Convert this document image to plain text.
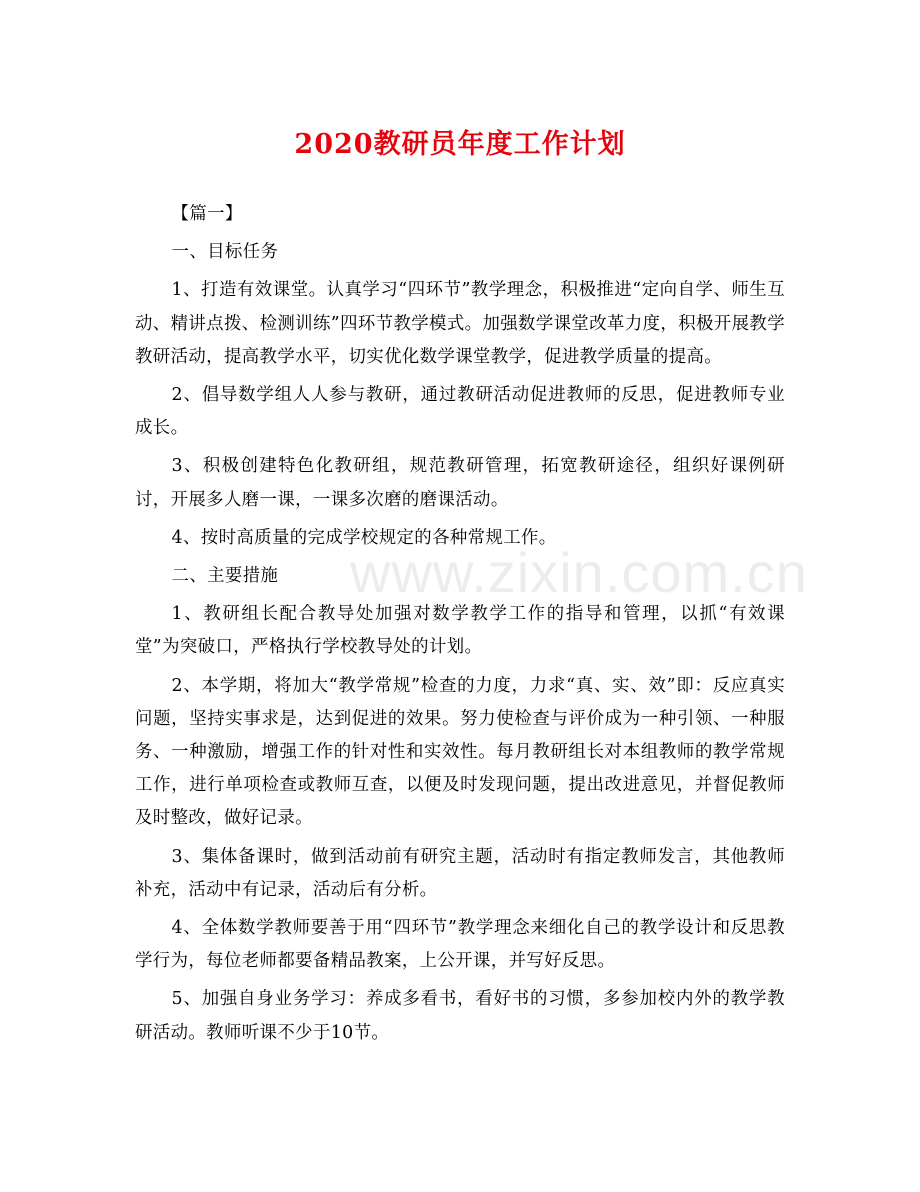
2020教研员年度工作计划

【篇一】

一、目标任务

1、打造有效课堂。认真学习“四环节”教学理念，积极推进“定向自学、师生互动、精讲点拨、检测训练”四环节教学模式。加强数学课堂改革力度，积极开展教学教研活动，提高教学水平，切实优化数学课堂教学，促进教学质量的提高。

2、倡导数学组人人参与教研，通过教研活动促进教师的反思，促进教师专业成长。

3、积极创建特色化教研组，规范教研管理，拓宽教研途径，组织好课例研讨，开展多人磨一课，一课多次磨的磨课活动。

4、按时高质量的完成学校规定的各种常规工作。

二、主要措施

1、教研组长配合教导处加强对数学教学工作的指导和管理，以抓“有效课堂”为突破口，严格执行学校教导处的计划。

2、本学期，将加大“教学常规”检查的力度，力求“真、实、效”即：反应真实问题，坚持实事求是，达到促进的效果。努力使检查与评价成为一种引领、一种服务、一种激励，增强工作的针对性和实效性。每月教研组长对本组教师的教学常规工作，进行单项检查或教师互查，以便及时发现问题，提出改进意见，并督促教师及时整改，做好记录。

3、集体备课时，做到活动前有研究主题，活动时有指定教师发言，其他教师补充，活动中有记录，活动后有分析。

4、全体数学教师要善于用“四环节”教学理念来细化自己的教学设计和反思教学行为，每位老师都要备精品教案，上公开课，并写好反思。

5、加强自身业务学习：养成多看书，看好书的习惯，多参加校内外的教学教研活动。教师听课不少于10节。

www.zixin.com.cn
